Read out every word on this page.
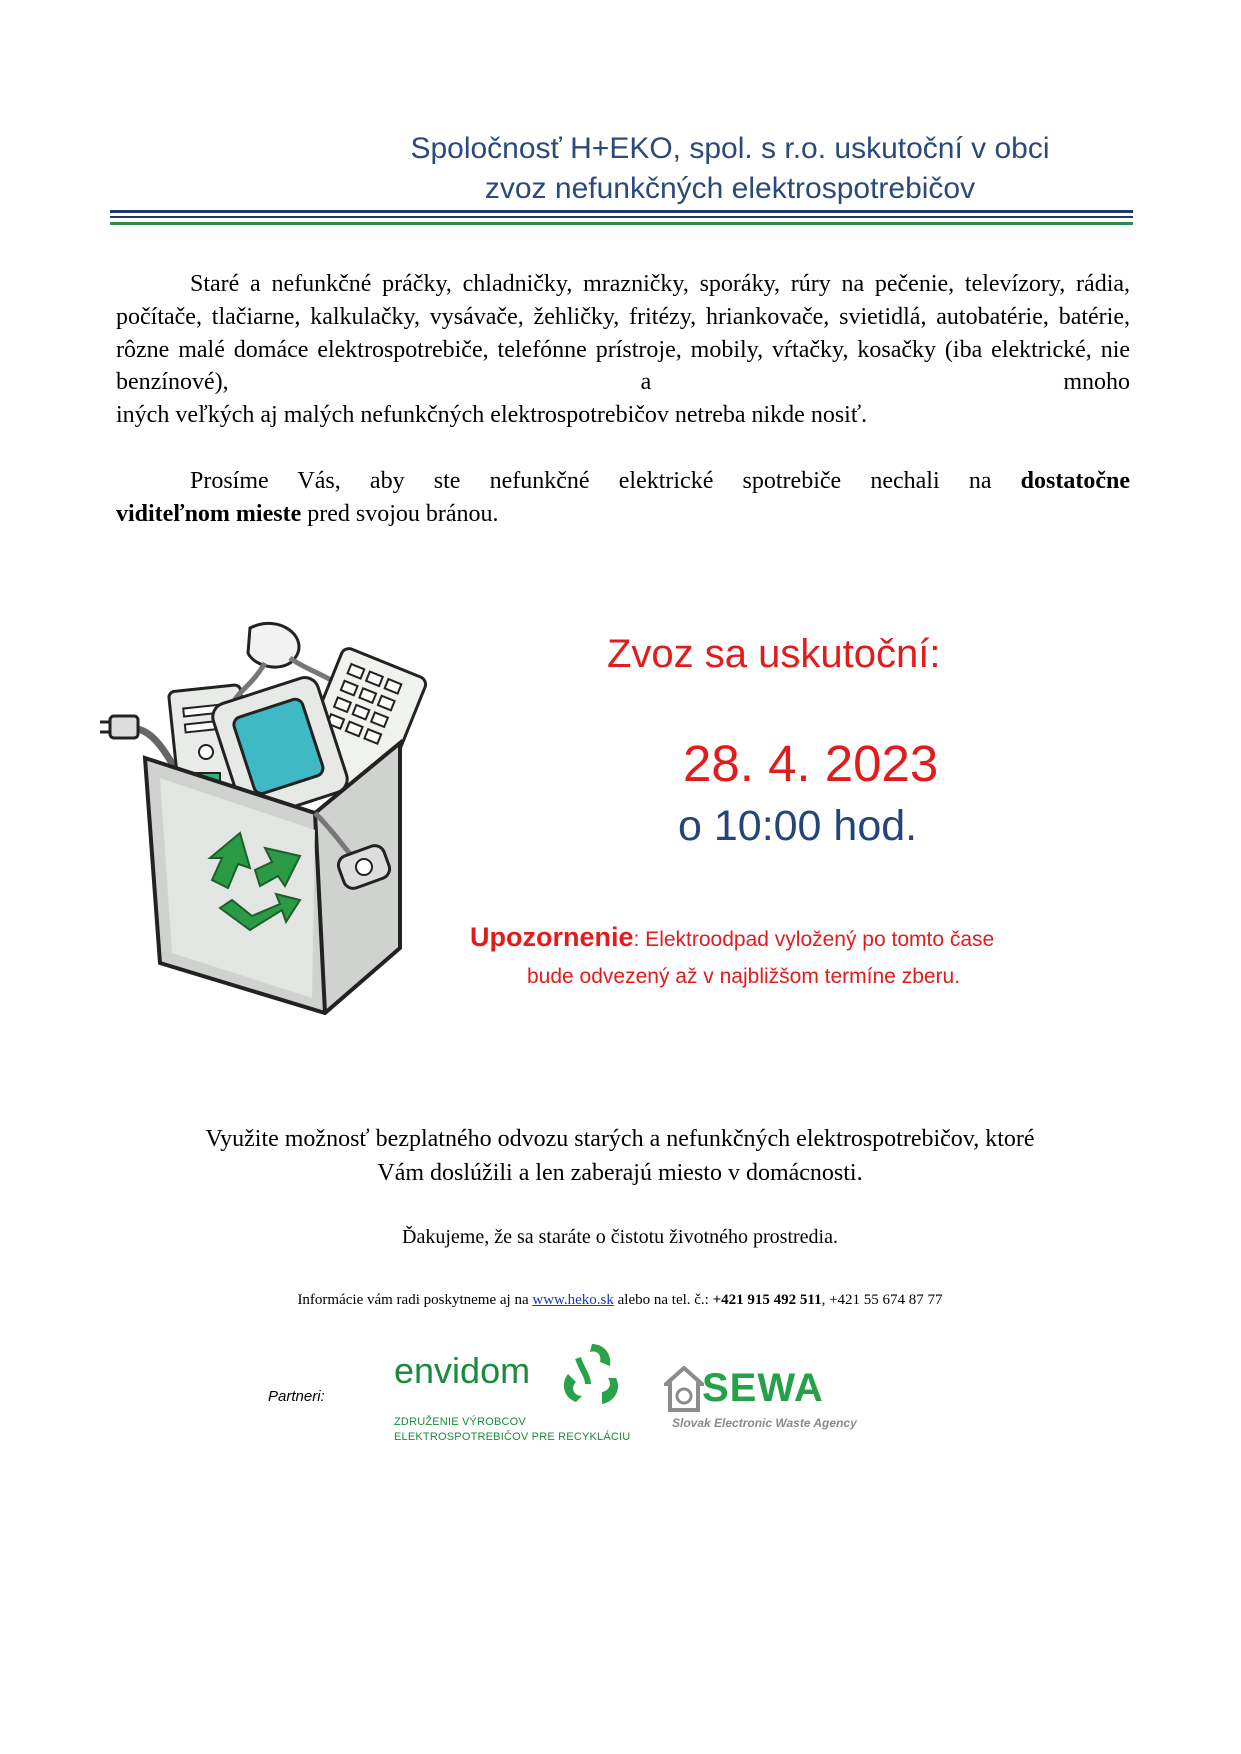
Spoločnosť H+EKO, spol. s r.o. uskutoční v obci
zvoz nefunkčných elektrospotrebičov
Staré a nefunkčné práčky, chladničky, mrazničky, sporáky, rúry na pečenie, televízory, rádia, počítače, tlačiarne, kalkulačky, vysávače, žehličky, fritézy, hriankovače, svietidlá, autobatérie, batérie, rôzne malé domáce elektrospotrebiče, telefónne prístroje, mobily, vŕtačky, kosačky (iba elektrické, nie benzínové), a mnoho
iných veľkých aj malých nefunkčných elektrospotrebičov netreba nikde nosiť.
Prosíme Vás, aby ste nefunkčné elektrické spotrebiče nechali na dostatočne
viditeľnom mieste pred svojou bránou.
Zvoz sa uskutoční:
28. 4. 2023
o 10:00 hod.
Upozornenie: Elektroodpad vyložený po tomto čase
bude odvezený až v najbližšom termíne zberu.
Využite možnosť bezplatného odvozu starých a nefunkčných elektrospotrebičov, ktoré
Vám doslúžili a len zaberajú miesto v domácnosti.
Ďakujeme, že sa staráte o čistotu životného prostredia.
Informácie vám radi poskytneme aj na www.heko.sk alebo na tel. č.: +421 915 492 511, +421 55 674 87 77
Partneri:
envidom
ZDRUŽENIE VÝROBCOV
ELEKTROSPOTREBIČOV PRE RECYKLÁCIU
SEWA
Slovak Electronic Waste Agency
